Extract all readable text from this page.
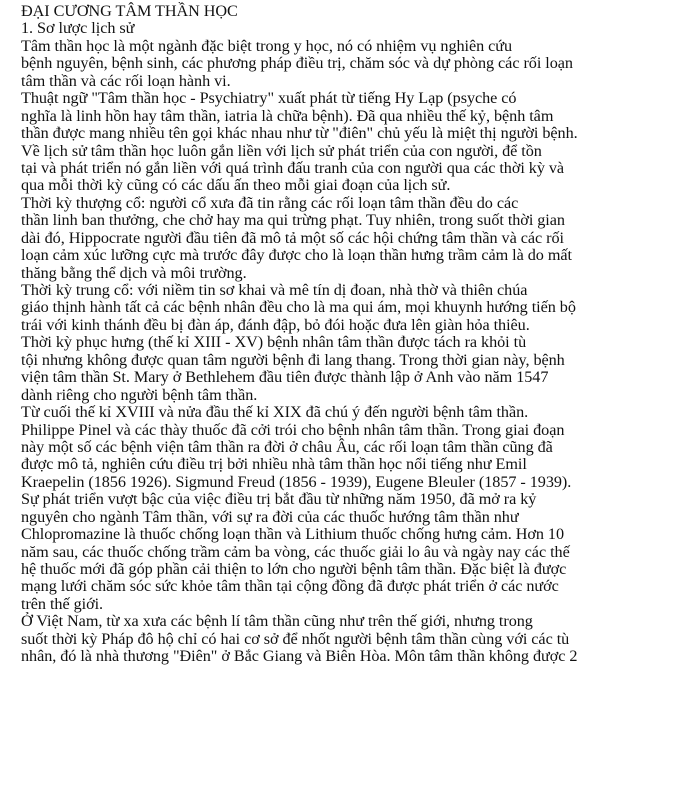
ĐẠI CƯƠNG TÂM THẦN HỌC
1. Sơ lược lịch sử
Tâm thần học là một ngành đặc biệt trong y học, nó có nhiệm vụ nghiên cứu
bệnh nguyên, bệnh sinh, các phương pháp điều trị, chăm sóc và dự phòng các rối loạn
tâm thần và các rối loạn hành vi.
Thuật ngữ "Tâm thần học - Psychiatry" xuất phát từ tiếng Hy Lạp (psyche có
nghĩa là linh hồn hay tâm thần, iatria là chữa bệnh). Đã qua nhiều thế kỷ, bệnh tâm
thần được mang nhiều tên gọi khác nhau như từ "điên" chủ yếu là miệt thị người bệnh.
Về lịch sử tâm thần học luôn gắn liền với lịch sử phát triển của con người, để tồn
tại và phát triển nó gắn liền với quá trình đấu tranh của con người qua các thời kỳ và
qua mỗi thời kỳ cũng có các dấu ấn theo mỗi giai đoạn của lịch sử.
Thời kỳ thượng cổ: người cổ xưa đã tin rằng các rối loạn tâm thần đều do các
thần linh ban thưởng, che chở hay ma qui trừng phạt. Tuy nhiên, trong suốt thời gian
dài đó, Hippocrate người đầu tiên đã mô tả một số các hội chứng tâm thần và các rối
loạn cảm xúc lưỡng cực mà trước đây được cho là loạn thần hưng trầm cảm là do mất
thăng bằng thể dịch và môi trường.
Thời kỳ trung cổ: với niềm tin sơ khai và mê tín dị đoan, nhà thờ và thiên chúa
giáo thịnh hành tất cả các bệnh nhân đều cho là ma qui ám, mọi khuynh hướng tiến bộ
trái với kinh thánh đều bị đàn áp, đánh đập, bỏ đói hoặc đưa lên giàn hỏa thiêu.
Thời kỳ phục hưng (thế kỉ XIII - XV) bệnh nhân tâm thần được tách ra khỏi tù
tội nhưng không được quan tâm người bệnh đi lang thang. Trong thời gian này, bệnh
viện tâm thần St. Mary ở Bethlehem đầu tiên được thành lập ở Anh vào năm 1547
dành riêng cho người bệnh tâm thần.
Từ cuối thế kỉ XVIII và nửa đầu thế kỉ XIX đã chú ý đến người bệnh tâm thần.
Philippe Pinel và các thày thuốc đã cởi trói cho bệnh nhân tâm thần. Trong giai đoạn
này một số các bệnh viện tâm thần ra đời ở châu Âu, các rối loạn tâm thần cũng đã
được mô tả, nghiên cứu điều trị bởi nhiều nhà tâm thần học nổi tiếng như Emil
Kraepelin (1856 1926). Sigmund Freud (1856 - 1939), Eugene Bleuler (1857 - 1939).
Sự phát triển vượt bậc của việc điều trị bắt đầu từ những năm 1950, đã mở ra kỷ
nguyên cho ngành Tâm thần, với sự ra đời của các thuốc hướng tâm thần như
Chlopromazine là thuốc chống loạn thần và Lithium thuốc chống hưng cảm. Hơn 10
năm sau, các thuốc chống trầm cảm ba vòng, các thuốc giải lo âu và ngày nay các thế
hệ thuốc mới đã góp phần cải thiện to lớn cho người bệnh tâm thần. Đặc biệt là được
mạng lưới chăm sóc sức khỏe tâm thần tại cộng đồng đã được phát triển ở các nước
trên thế giới.
Ở Việt Nam, từ xa xưa các bệnh lí tâm thần cũng như trên thế giới, nhưng trong
suốt thời kỳ Pháp đô hộ chỉ có hai cơ sở để nhốt người bệnh tâm thần cùng với các tù
nhân, đó là nhà thương "Điên" ở Bắc Giang và Biên Hòa. Môn tâm thần không được 2
